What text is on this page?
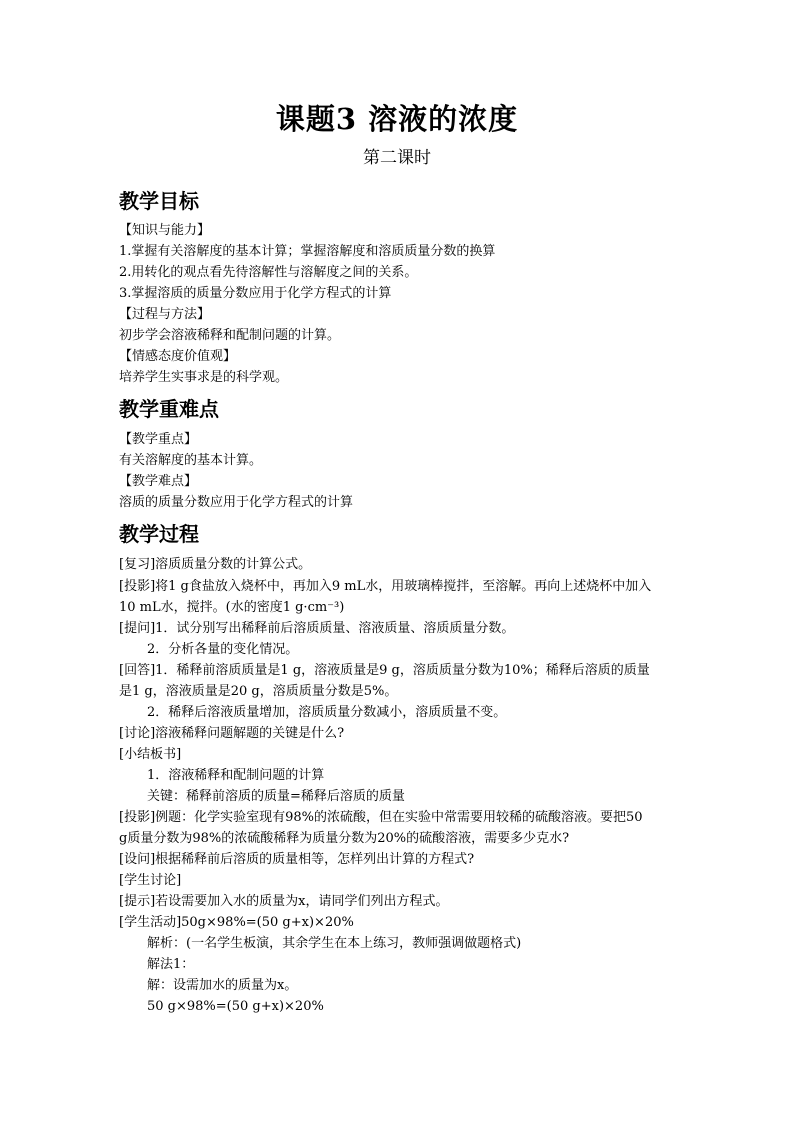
课题3 溶液的浓度
第二课时
教学目标
【知识与能力】
1.掌握有关溶解度的基本计算；掌握溶解度和溶质质量分数的换算
2.用转化的观点看先待溶解性与溶解度之间的关系。
3.掌握溶质的质量分数应用于化学方程式的计算
【过程与方法】
初步学会溶液稀释和配制问题的计算。
【情感态度价值观】
培养学生实事求是的科学观。
教学重难点
【教学重点】
有关溶解度的基本计算。
【教学难点】
溶质的质量分数应用于化学方程式的计算
教学过程
[复习]溶质质量分数的计算公式。
[投影]将1 g食盐放入烧杯中，再加入9 mL水，用玻璃棒搅拌，至溶解。再向上述烧杯中加入
10 mL水，搅拌。(水的密度1 g·cm⁻³)
[提问]1．试分别写出稀释前后溶质质量、溶液质量、溶质质量分数。
2．分析各量的变化情况。
[回答]1．稀释前溶质质量是1 g，溶液质量是9 g，溶质质量分数为10%；稀释后溶质的质量
是1 g，溶液质量是20 g，溶质质量分数是5%。
2．稀释后溶液质量增加，溶质质量分数减小，溶质质量不变。
[讨论]溶液稀释问题解题的关键是什么?
[小结板书]
1．溶液稀释和配制问题的计算
关键：稀释前溶质的质量=稀释后溶质的质量
[投影]例题：化学实验室现有98%的浓硫酸，但在实验中常需要用较稀的硫酸溶液。要把50
g质量分数为98%的浓硫酸稀释为质量分数为20%的硫酸溶液，需要多少克水?
[设问]根据稀释前后溶质的质量相等，怎样列出计算的方程式?
[学生讨论]
[提示]若设需要加入水的质量为x，请同学们列出方程式。
[学生活动]50g×98%=(50 g+x)×20%
解析：(一名学生板演，其余学生在本上练习，教师强调做题格式)
解法1：
解：设需加水的质量为x。
50 g×98%=(50 g+x)×20%
